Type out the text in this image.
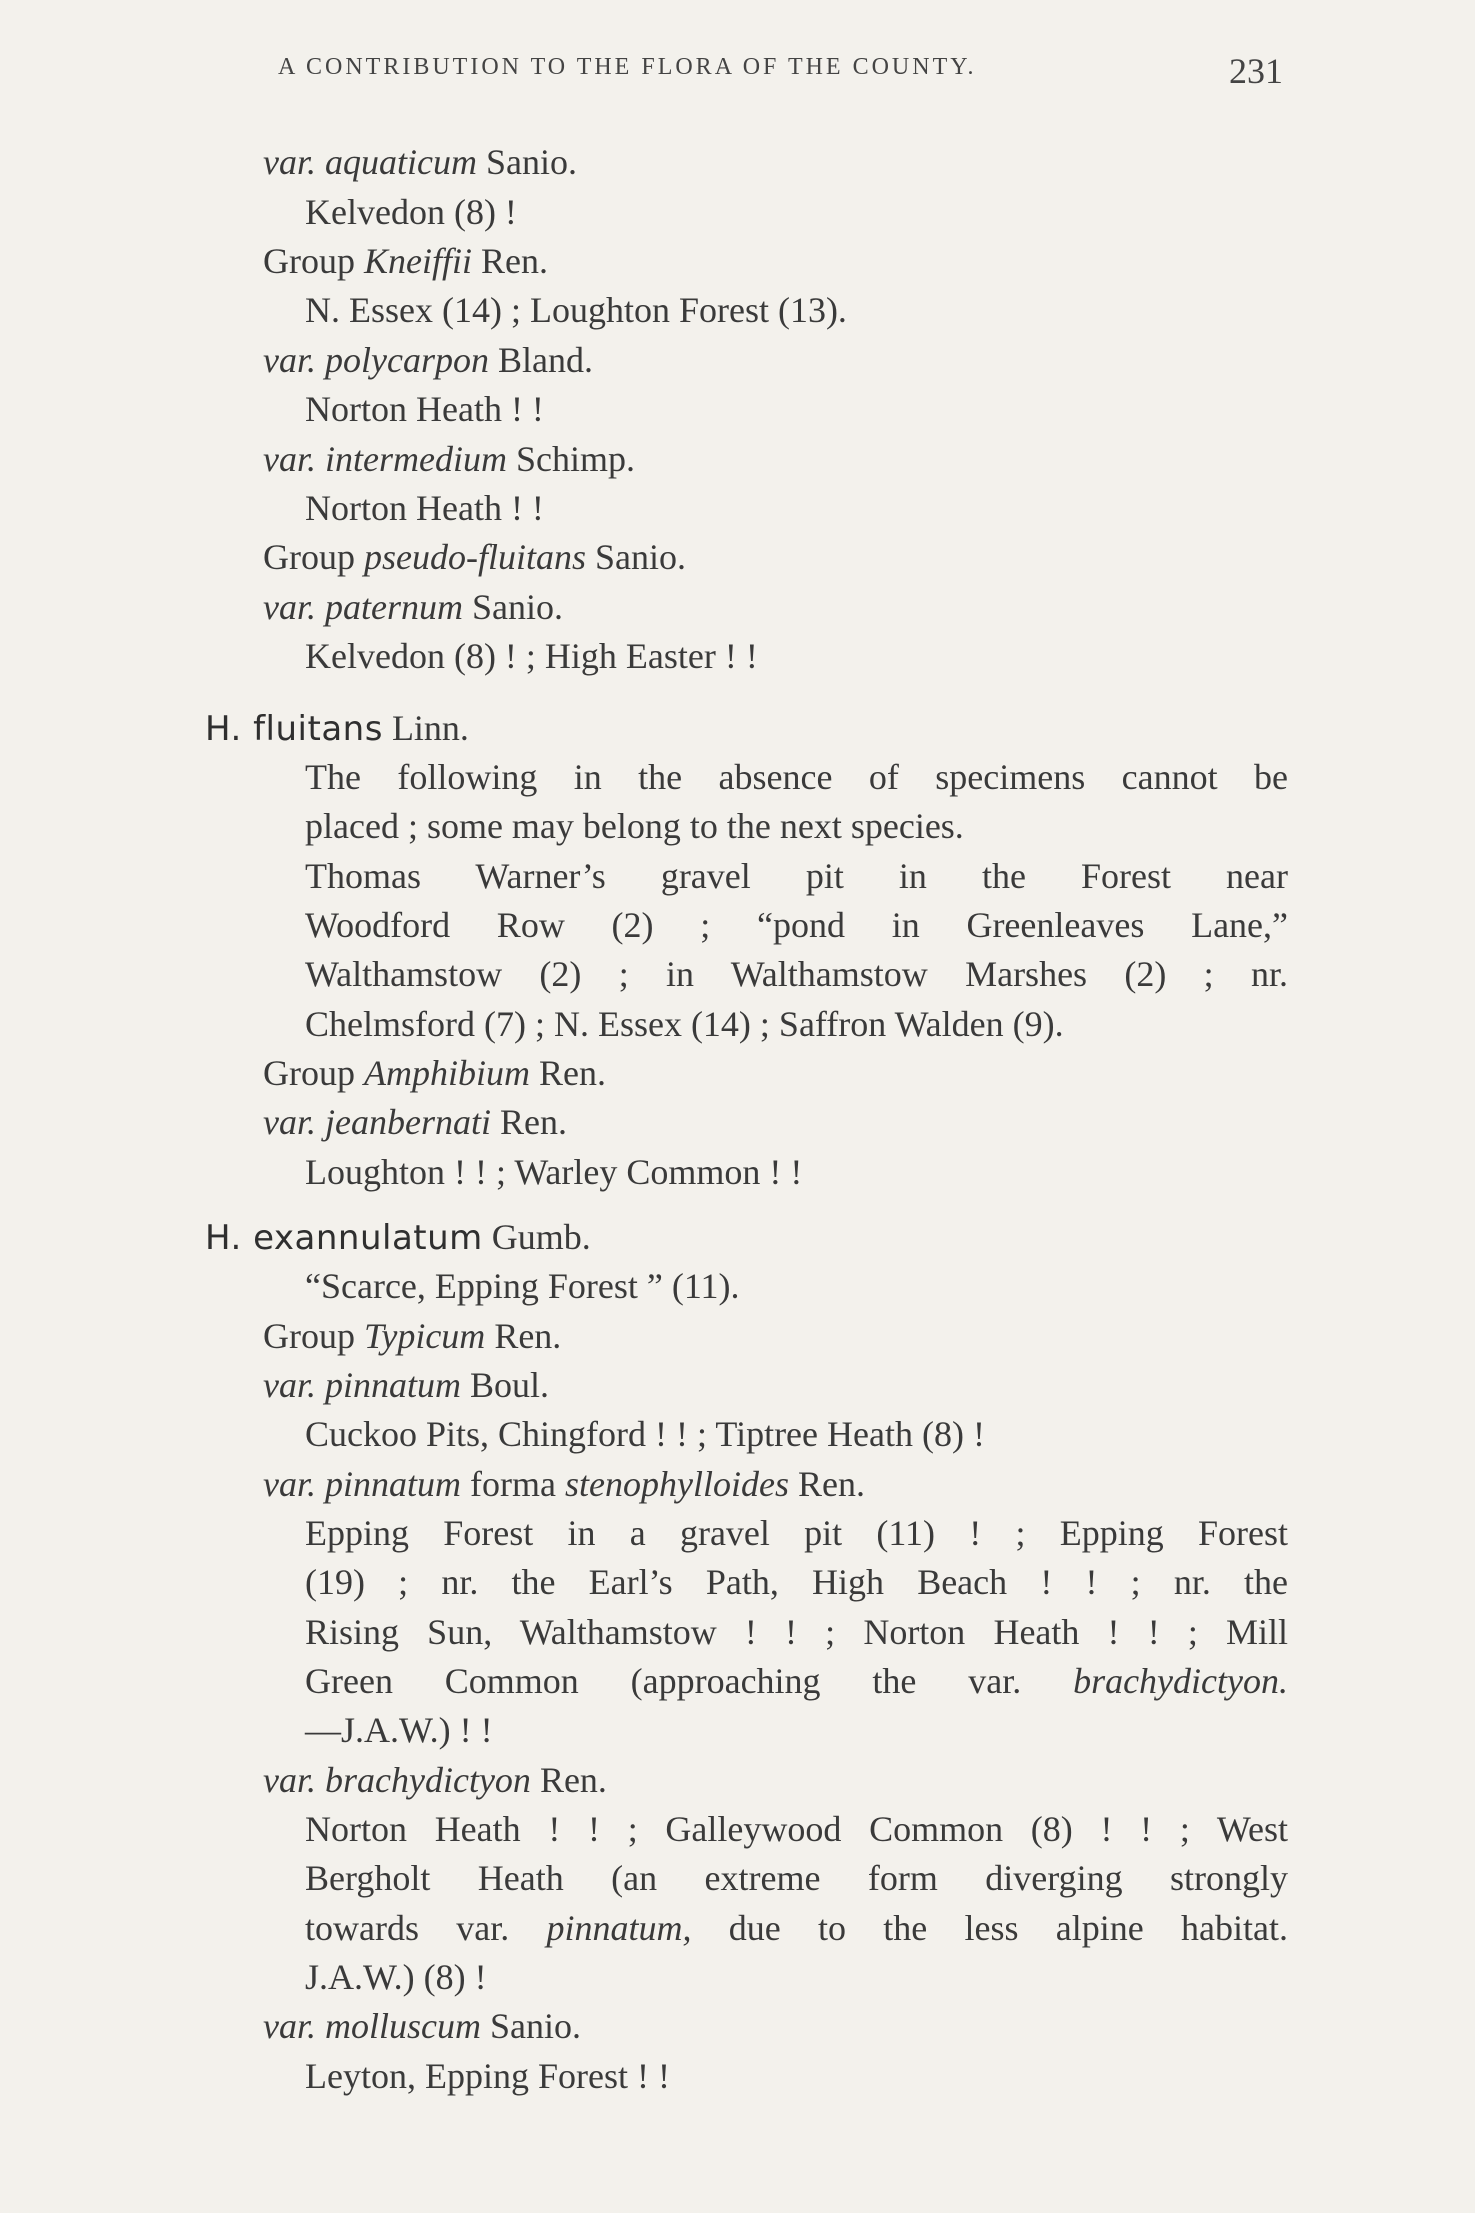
A CONTRIBUTION TO THE FLORA OF THE COUNTY.	231
var. aquaticum Sanio.
Kelvedon (8) !
Group Kneiffii Ren.
N. Essex (14) ; Loughton Forest (13).
var. polycarpon Bland.
Norton Heath ! !
var. intermedium Schimp.
Norton Heath ! !
Group pseudo-fluitans Sanio.
var. paternum Sanio.
Kelvedon (8) ! ; High Easter ! !
H. fluitans Linn.
The following in the absence of specimens cannot be
placed ; some may belong to the next species.
Thomas Warner’s gravel pit in the Forest near
Woodford Row (2) ; “pond in Greenleaves Lane,”
Walthamstow (2) ; in Walthamstow Marshes (2) ; nr.
Chelmsford (7) ; N. Essex (14) ; Saffron Walden (9).
Group Amphibium Ren.
var. jeanbernati Ren.
Loughton ! ! ; Warley Common ! !
H. exannulatum Gumb.
“Scarce, Epping Forest ” (11).
Group Typicum Ren.
var. pinnatum Boul.
Cuckoo Pits, Chingford ! ! ; Tiptree Heath (8) !
var. pinnatum forma stenophylloides Ren.
Epping Forest in a gravel pit (11) ! ; Epping Forest
(19) ; nr. the Earl’s Path, High Beach ! ! ; nr. the
Rising Sun, Walthamstow ! ! ; Norton Heath ! ! ; Mill
Green Common (approaching the var. brachydictyon.
—J.A.W.) ! !
var. brachydictyon Ren.
Norton Heath ! ! ; Galleywood Common (8) ! ! ; West
Bergholt Heath (an extreme form diverging strongly
towards var. pinnatum, due to the less alpine habitat.
J.A.W.) (8) !
var. molluscum Sanio.
Leyton, Epping Forest ! !
